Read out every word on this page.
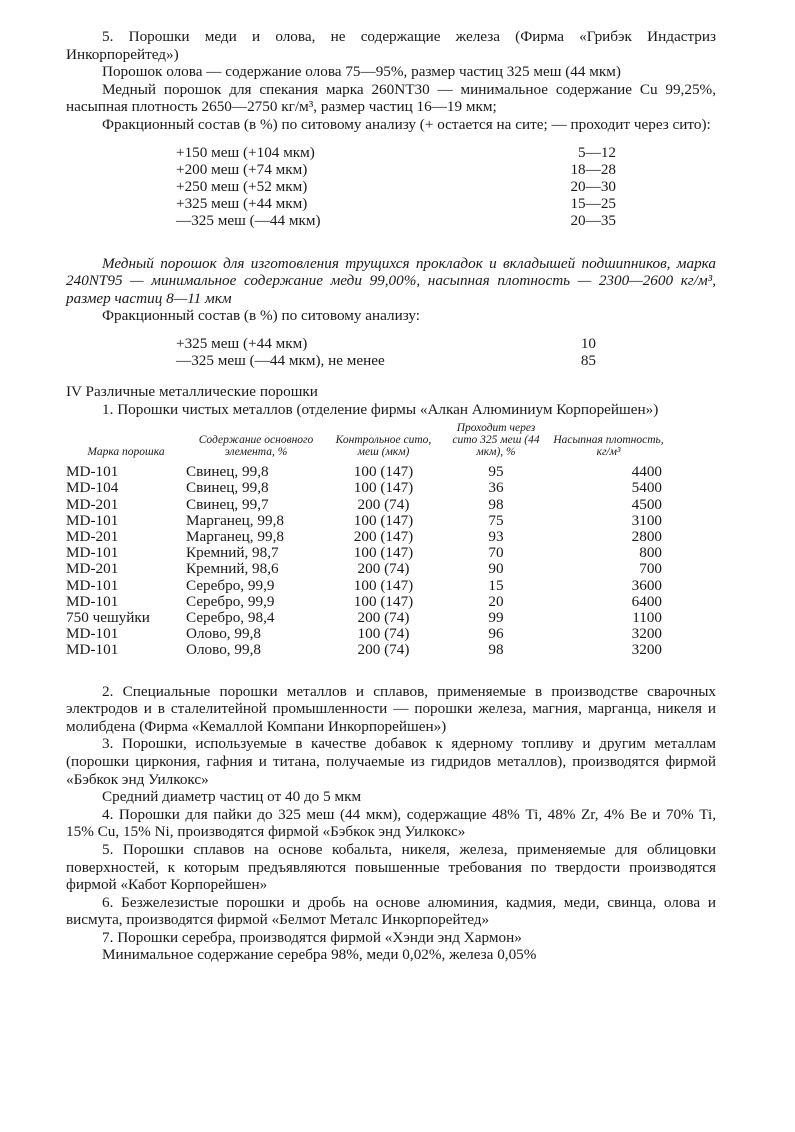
5. Порошки меди и олова, не содержащие железа (Фирма «Грибэк Индастриз Инкорпорейтед»)

Порошок олова — содержание олова 75—95%, размер частиц 325 меш (44 мкм)

Медный порошок для спекания марка 260NT30 — минимальное содержание Cu 99,25%, насыпная плотность 2650—2750 кг/м³, размер частиц 16—19 мкм;

Фракционный состав (в %) по ситовому анализу (+ остается на сите; — проходит через сито):

+150 меш (+104 мкм)	5—12
+200 меш (+74 мкм)	18—28
+250 меш (+52 мкм)	20—30
+325 меш (+44 мкм)	15—25
—325 меш (—44 мкм)	20—35

Медный порошок для изготовления трущихся прокладок и вкладышей подшипников, марка 240NT95 — минимальное содержание меди 99,00%, насыпная плотность — 2300—2600 кг/м³, размер частиц 8—11 мкм

Фракционный состав (в %) по ситовому анализу:

+325 меш (+44 мкм)	10
—325 меш (—44 мкм), не менее	85

IV Различные металлические порошки

1. Порошки чистых металлов (отделение фирмы «Алкан Алюминиум Корпорейшен»)

Марка порошка	Содержание основного элемента, %	Контрольное сито, меш (мкм)	Проходит через сито 325 меш (44 мкм), %	Насыпная плотность, кг/м³
MD-101	Свинец, 99,8	100 (147)	95	4400
MD-104	Свинец, 99,8	100 (147)	36	5400
MD-201	Свинец, 99,7	200 (74)	98	4500
MD-101	Марганец, 99,8	100 (147)	75	3100
MD-201	Марганец, 99,8	200 (147)	93	2800
MD-101	Кремний, 98,7	100 (147)	70	800
MD-201	Кремний, 98,6	200 (74)	90	700
MD-101	Серебро, 99,9	100 (147)	15	3600
MD-101	Серебро, 99,9	100 (147)	20	6400
750 чешуйки	Серебро, 98,4	200 (74)	99	1100
MD-101	Олово, 99,8	100 (74)	96	3200
MD-101	Олово, 99,8	200 (74)	98	3200

2. Специальные порошки металлов и сплавов, применяемые в производстве сварочных электродов и в сталелитейной промышленности — порошки железа, магния, марганца, никеля и молибдена (Фирма «Кемаллой Компани Инкорпорейшен»)

3. Порошки, используемые в качестве добавок к ядерному топливу и другим металлам (порошки циркония, гафния и титана, получаемые из гидридов металлов), производятся фирмой «Бэбкок энд Уилкокс»

Средний диаметр частиц от 40 до 5 мкм

4. Порошки для пайки до 325 меш (44 мкм), содержащие 48% Ti, 48% Zr, 4% Be и 70% Ti, 15% Cu, 15% Ni, производятся фирмой «Бэбкок энд Уилкокс»

5. Порошки сплавов на основе кобальта, никеля, железа, применяемые для облицовки поверхностей, к которым предъявляются повышенные требования по твердости производятся фирмой «Кабот Корпорейшен»

6. Безжелезистые порошки и дробь на основе алюминия, кадмия, меди, свинца, олова и висмута, производятся фирмой «Белмот Металс Инкорпорейтед»

7. Порошки серебра, производятся фирмой «Хэнди энд Хармон»

Минимальное содержание серебра 98%, меди 0,02%, железа 0,05%
